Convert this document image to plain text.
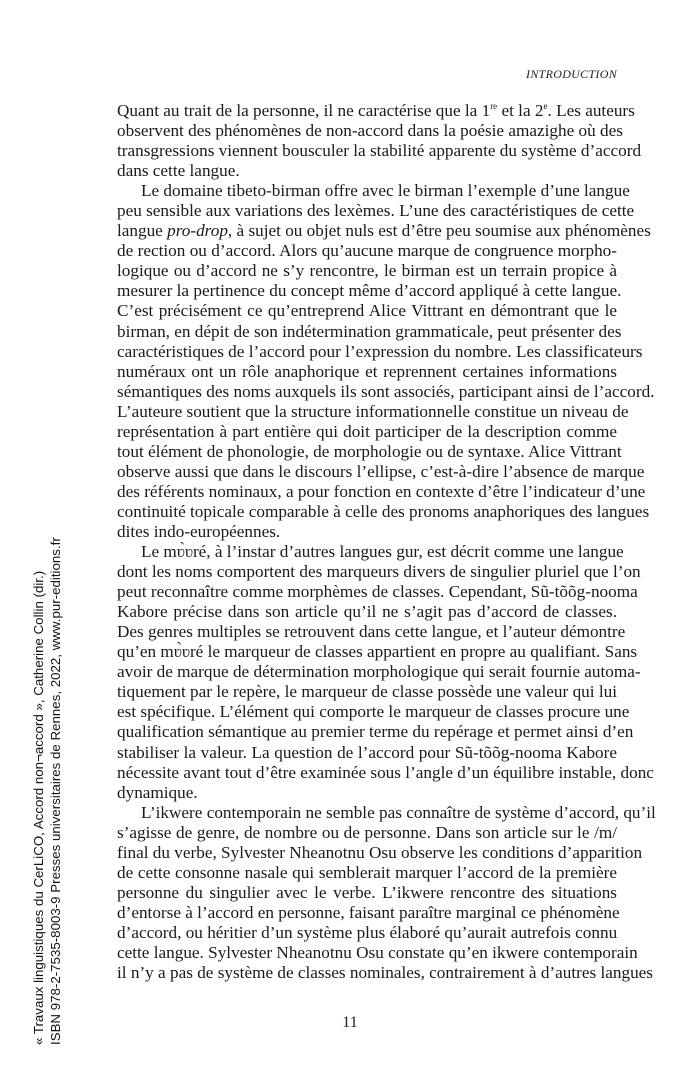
INTRODUCTION
Quant au trait de la personne, il ne caractérise que la 1re et la 2e. Les auteurs
observent des phénomènes de non-accord dans la poésie amazighe où des
transgressions viennent bousculer la stabilité apparente du système d’accord
dans cette langue.
Le domaine tibeto-birman offre avec le birman l’exemple d’une langue
peu sensible aux variations des lexèmes. L’une des caractéristiques de cette
langue pro-drop, à sujet ou objet nuls est d’être peu soumise aux phénomènes
de rection ou d’accord. Alors qu’aucune marque de congruence morpho-
logique ou d’accord ne s’y rencontre, le birman est un terrain propice à
mesurer la pertinence du concept même d’accord appliqué à cette langue.
C’est précisément ce qu’entreprend Alice Vittrant en démontrant que le
birman, en dépit de son indétermination grammaticale, peut présenter des
caractéristiques de l’accord pour l’expression du nombre. Les classificateurs
numéraux ont un rôle anaphorique et reprennent certaines informations
sémantiques des noms auxquels ils sont associés, participant ainsi de l’accord.
L’auteure soutient que la structure informationnelle constitue un niveau de
représentation à part entière qui doit participer de la description comme
tout élément de phonologie, de morphologie ou de syntaxe. Alice Vittrant
observe aussi que dans le discours l’ellipse, c’est-à-dire l’absence de marque
des référents nominaux, a pour fonction en contexte d’être l’indicateur d’une
continuité topicale comparable à celle des pronoms anaphoriques des langues
dites indo-européennes.
Le mʋ̀ʋré, à l’instar d’autres langues gur, est décrit comme une langue
dont les noms comportent des marqueurs divers de singulier pluriel que l’on
peut reconnaître comme morphèmes de classes. Cependant, Sũ-tõõg-nooma
Kabore précise dans son article qu’il ne s’agit pas d’accord de classes.
Des genres multiples se retrouvent dans cette langue, et l’auteur démontre
qu’en mʋ̀ʋré le marqueur de classes appartient en propre au qualifiant. Sans
avoir de marque de détermination morphologique qui serait fournie automa-
tiquement par le repère, le marqueur de classe possède une valeur qui lui
est spécifique. L’élément qui comporte le marqueur de classes procure une
qualification sémantique au premier terme du repérage et permet ainsi d’en
stabiliser la valeur. La question de l’accord pour Sũ-tõõg-nooma Kabore
nécessite avant tout d’être examinée sous l’angle d’un équilibre instable, donc
dynamique.
L’ikwere contemporain ne semble pas connaître de système d’accord, qu’il
s’agisse de genre, de nombre ou de personne. Dans son article sur le /m/
final du verbe, Sylvester Nheanotnu Osu observe les conditions d’apparition
de cette consonne nasale qui semblerait marquer l’accord de la première
personne du singulier avec le verbe. L’ikwere rencontre des situations
d’entorse à l’accord en personne, faisant paraître marginal ce phénomène
d’accord, ou héritier d’un système plus élaboré qu’aurait autrefois connu
cette langue. Sylvester Nheanotnu Osu constate qu’en ikwere contemporain
il n’y a pas de système de classes nominales, contrairement à d’autres langues
11
« Travaux linguistiques du CerLiCO, Accord non¬accord », Catherine Collin (dir.) ISBN 978-2-7535-8003-9 Presses universitaires de Rennes, 2022, www.pur-editions.fr
